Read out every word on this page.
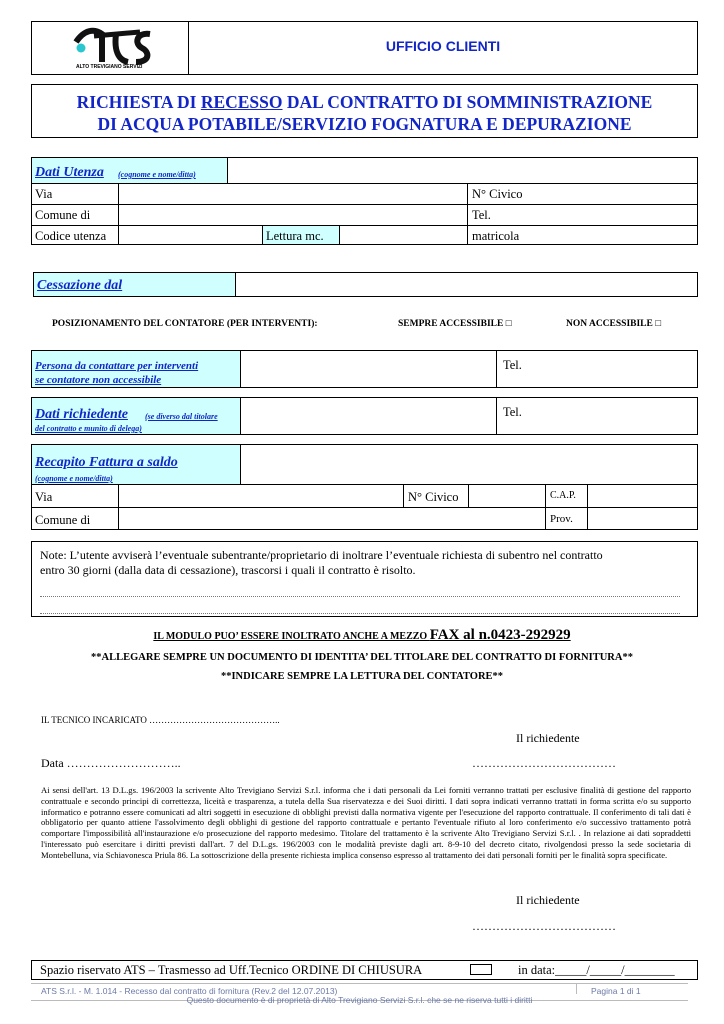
ALTO TREVIGIANO SERVIZI
UFFICIO CLIENTI
RICHIESTA DI RECESSO DAL CONTRATTO DI SOMMINISTRAZIONE
DI ACQUA POTABILE/SERVIZIO FOGNATURA E DEPURAZIONE
Dati Utenza (cognome e nome/ditta)
Via	N° Civico
Comune di	Tel.
Codice utenza	Lettura mc.	matricola
Cessazione dal
POSIZIONAMENTO DEL CONTATORE (PER INTERVENTI):	SEMPRE ACCESSIBILE □	NON ACCESSIBILE □
Persona da contattare per interventi
se contatore non accessibile
Tel.
Dati richiedente (se diverso dal titolare
del contratto e munito di delega)
Tel.
Recapito Fattura a saldo
(cognome e nome/ditta)
Via	N° Civico	C.A.P.
Comune di	Prov.
Note: L’utente avviserà l’eventuale subentrante/proprietario di inoltrare l’eventuale richiesta di subentro nel contratto
entro 30 giorni (dalla data di cessazione), trascorsi i quali il contratto è risolto.
IL MODULO PUO’ ESSERE INOLTRATO ANCHE A MEZZO FAX al n.0423-292929
**ALLEGARE SEMPRE UN DOCUMENTO DI IDENTITA’ DEL TITOLARE DEL CONTRATTO DI FORNITURA**
**INDICARE SEMPRE LA LETTURA DEL CONTATORE**
IL TECNICO INCARICATO ……………………………………..
Il richiedente
Data ………………………..	………………………………
Ai sensi dell'art. 13 D.L.gs. 196/2003 la scrivente Alto Trevigiano Servizi S.r.l. informa che i dati personali da Lei forniti verranno trattati per esclusive finalità di gestione del rapporto contrattuale e secondo principi di correttezza, liceità e trasparenza, a tutela della Sua riservatezza e dei Suoi diritti. I dati sopra indicati verranno trattati in forma scritta e/o su supporto informatico e potranno essere comunicati ad altri soggetti in esecuzione di obblighi previsti dalla normativa vigente per l'esecuzione del rapporto contrattuale. Il conferimento di tali dati è obbligatorio per quanto attiene l'assolvimento degli obblighi di gestione del rapporto contrattuale e pertanto l'eventuale rifiuto al loro conferimento e/o successivo trattamento potrà comportare l'impossibilità all'instaurazione e/o prosecuzione del rapporto medesimo. Titolare del trattamento è la scrivente Alto Trevigiano Servizi S.r.l. . In relazione ai dati sopraddetti l'interessato può esercitare i diritti previsti dall'art. 7 del D.L.gs. 196/2003 con le modalità previste dagli art. 8-9-10 del decreto citato, rivolgendosi presso la sede societaria di Montebelluna, via Schiavonesca Priula 86. La sottoscrizione della presente richiesta implica consenso espresso al trattamento dei dati personali forniti per le finalità sopra specificate.
Il richiedente
………………………………
Spazio riservato ATS – Trasmesso ad Uff.Tecnico ORDINE DI CHIUSURA	in data:_____/_____/________
ATS S.r.l. - M. 1.014 - Recesso dal contratto di fornitura (Rev.2 del 12.07.2013)	Pagina 1 di 1
Questo documento è di proprietà di Alto Trevigiano Servizi S.r.l. che se ne riserva tutti i diritti
